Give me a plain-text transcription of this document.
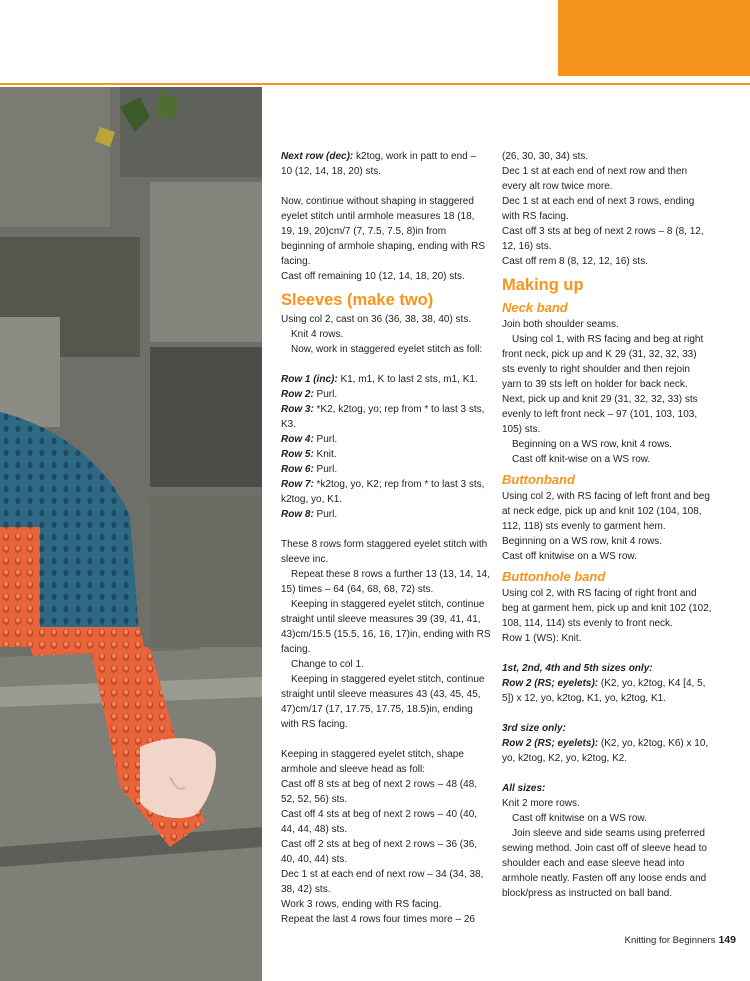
Next row (dec): k2tog, work in patt to end –

10 (12, 14, 18, 20) sts.

Now, continue without shaping in staggered eyelet stitch until armhole measures 18 (18, 19, 19, 20)cm/7 (7, 7.5, 7.5, 8)in from beginning of armhole shaping, ending with RS facing.

Cast off remaining 10 (12, 14, 18, 20) sts.

Sleeves (make two)

Using col 2, cast on 36 (36, 38, 38, 40) sts.

Knit 4 rows.

Now, work in staggered eyelet stitch as foll:

Row 1 (inc): K1, m1, K to last 2 sts, m1, K1.

Row 2: Purl.

Row 3: *K2, k2tog, yo; rep from * to last 3 sts, K3.

Row 4: Purl.

Row 5: Knit.

Row 6: Purl.

Row 7: *k2tog, yo, K2; rep from * to last 3 sts, k2tog, yo, K1.

Row 8: Purl.

These 8 rows form staggered eyelet stitch with sleeve inc.

Repeat these 8 rows a further 13 (13, 14, 14, 15) times – 64 (64, 68, 68, 72) sts.

Keeping in staggered eyelet stitch, continue straight until sleeve measures 39 (39, 41, 41, 43)cm/15.5 (15.5, 16, 16, 17)in, ending with RS facing.

Change to col 1.

Keeping in staggered eyelet stitch, continue straight until sleeve measures 43 (43, 45, 45, 47)cm/17 (17, 17.75, 17.75, 18.5)in, ending with RS facing.

Keeping in staggered eyelet stitch, shape armhole and sleeve head as foll:

Cast off 8 sts at beg of next 2 rows – 48 (48, 52, 52, 56) sts.

Cast off 4 sts at beg of next 2 rows – 40 (40, 44, 44, 48) sts.

Cast off 2 sts at beg of next 2 rows – 36 (36, 40, 40, 44) sts.

Dec 1 st at each end of next row – 34 (34, 38, 38, 42) sts.

Work 3 rows, ending with RS facing.

Repeat the last 4 rows four times more – 26

(26, 30, 30, 34) sts.

Dec 1 st at each end of next row and then every alt row twice more.

Dec 1 st at each end of next 3 rows, ending with RS facing.

Cast off 3 sts at beg of next 2 rows – 8 (8, 12, 12, 16) sts.

Cast off rem 8 (8, 12, 12, 16) sts.

Making up
Neck band

Join both shoulder seams.

Using col 1, with RS facing and beg at right front neck, pick up and K 29 (31, 32, 32, 33) sts evenly to right shoulder and then rejoin yarn to 39 sts left on holder for back neck. Next, pick up and knit 29 (31, 32, 32, 33) sts evenly to left front neck – 97 (101, 103, 103, 105) sts.

Beginning on a WS row, knit 4 rows.

Cast off knit-wise on a WS row.

Buttonband

Using col 2, with RS facing of left front and beg at neck edge, pick up and knit 102 (104, 108, 112, 118) sts evenly to garment hem.

Beginning on a WS row, knit 4 rows.

Cast off knitwise on a WS row.

Buttonhole band

Using col 2, with RS facing of right front and beg at garment hem, pick up and knit 102 (102, 108, 114, 114) sts evenly to front neck.

Row 1 (WS): Knit.

1st, 2nd, 4th and 5th sizes only:

Row 2 (RS; eyelets): (K2, yo, k2tog, K4 [4, 5, 5]) x 12, yo, k2tog, K1, yo, k2tog, K1.

3rd size only:

Row 2 (RS; eyelets): (K2, yo, k2tog, K6) x 10, yo, k2tog, K2, yo, k2tog, K2.

All sizes:

Knit 2 more rows.

Cast off knitwise on a WS row.

Join sleeve and side seams using preferred sewing method. Join cast off of sleeve head to shoulder each and ease sleeve head into armhole neatly. Fasten off any loose ends and block/press as instructed on ball band.

Knitting for Beginners 149
